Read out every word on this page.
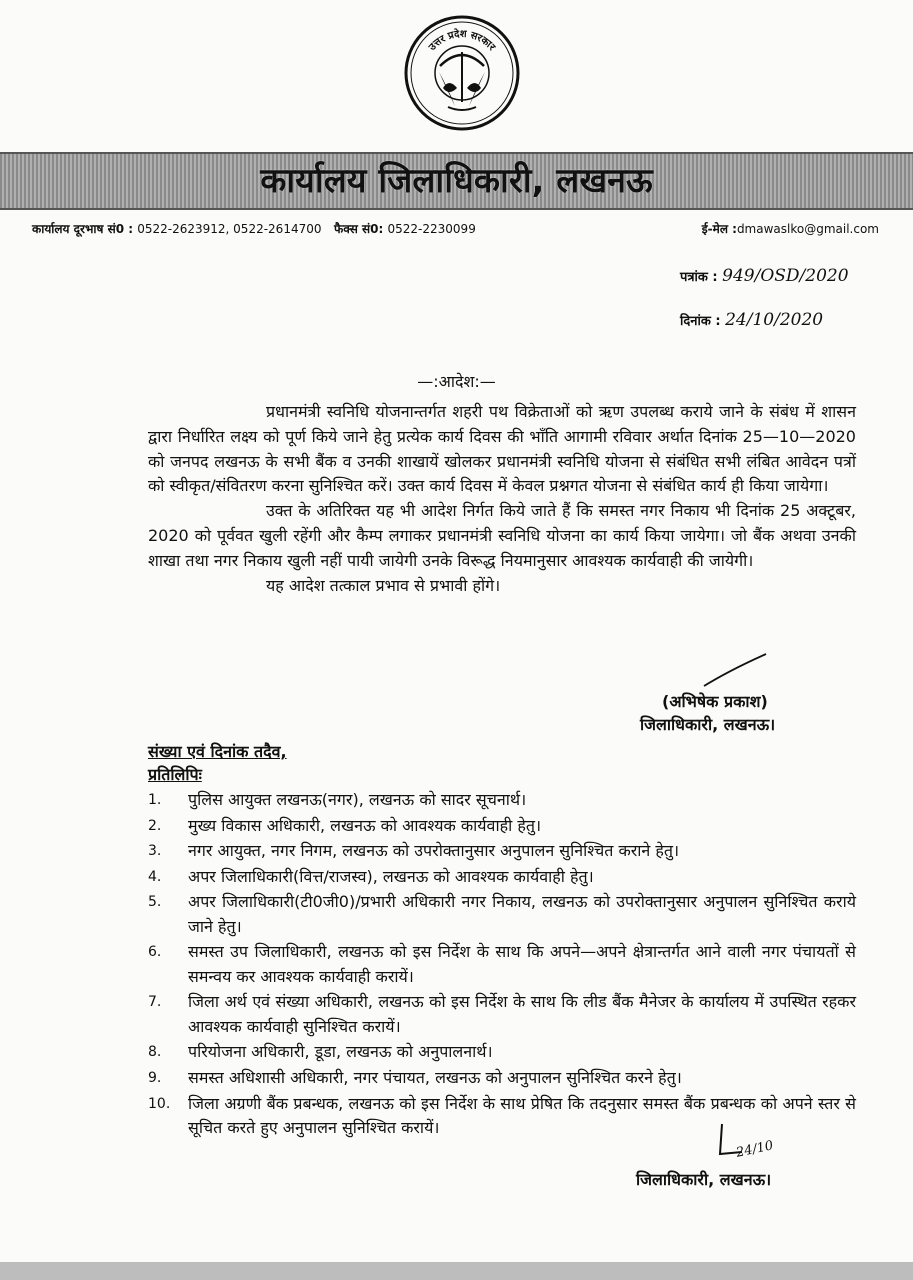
उत्तर प्रदेश सरकार
कार्यालय जिलाधिकारी, लखनऊ
कार्यालय दूरभाष सं0 : 0522-2623912, 0522-2614700 फैक्स सं0: 0522-2230099	ई-मेल :dmawaslko@gmail.com
पत्रांक : 949/OSD/2020
दिनांक : 24/10/2020
—:आदेश:—

प्रधानमंत्री स्वनिधि योजनान्तर्गत शहरी पथ विक्रेताओं को ऋण उपलब्ध कराये जाने के संबंध में शासन द्वारा निर्धारित लक्ष्य को पूर्ण किये जाने हेतु प्रत्येक कार्य दिवस की भाँति आगामी रविवार अर्थात दिनांक 25—10—2020 को जनपद लखनऊ के सभी बैंक व उनकी शाखायें खोलकर प्रधानमंत्री स्वनिधि योजना से संबंधित सभी लंबित आवेदन पत्रों को स्वीकृत/संवितरण करना सुनिश्चित करें। उक्त कार्य दिवस में केवल प्रश्नगत योजना से संबंधित कार्य ही किया जायेगा।

उक्त के अतिरिक्त यह भी आदेश निर्गत किये जाते हैं कि समस्त नगर निकाय भी दिनांक 25 अक्टूबर, 2020 को पूर्ववत खुली रहेंगी और कैम्प लगाकर प्रधानमंत्री स्वनिधि योजना का कार्य किया जायेगा। जो बैंक अथवा उनकी शाखा तथा नगर निकाय खुली नहीं पायी जायेगी उनके विरूद्ध नियमानुसार आवश्यक कार्यवाही की जायेगी।

यह आदेश तत्काल प्रभाव से प्रभावी होंगे।

(अभिषेक प्रकाश)
जिलाधिकारी, लखनऊ।
संख्या एवं दिनांक तदैव,
प्रतिलिपिः
1.	पुलिस आयुक्त लखनऊ(नगर), लखनऊ को सादर सूचनार्थ।
2.	मुख्य विकास अधिकारी, लखनऊ को आवश्यक कार्यवाही हेतु।
3.	नगर आयुक्त, नगर निगम, लखनऊ को उपरोक्तानुसार अनुपालन सुनिश्चित कराने हेतु।
4.	अपर जिलाधिकारी(वित्त/राजस्व), लखनऊ को आवश्यक कार्यवाही हेतु।
5.	अपर जिलाधिकारी(टी0जी0)/प्रभारी अधिकारी नगर निकाय, लखनऊ को उपरोक्तानुसार अनुपालन सुनिश्चित कराये जाने हेतु।
6.	समस्त उप जिलाधिकारी, लखनऊ को इस निर्देश के साथ कि अपने—अपने क्षेत्रान्तर्गत आने वाली नगर पंचायतों से समन्वय कर आवश्यक कार्यवाही करायें।
7.	जिला अर्थ एवं संख्या अधिकारी, लखनऊ को इस निर्देश के साथ कि लीड बैंक मैनेजर के कार्यालय में उपस्थित रहकर आवश्यक कार्यवाही सुनिश्चित करायें।
8.	परियोजना अधिकारी, डूडा, लखनऊ को अनुपालनार्थ।
9.	समस्त अधिशासी अधिकारी, नगर पंचायत, लखनऊ को अनुपालन सुनिश्चित करने हेतु।
10. जिला अग्रणी बैंक प्रबन्धक, लखनऊ को इस निर्देश के साथ प्रेषित कि तदनुसार समस्त बैंक प्रबन्धक को अपने स्तर से सूचित करते हुए अनुपालन सुनिश्चित करायें।
24/10
जिलाधिकारी, लखनऊ।
